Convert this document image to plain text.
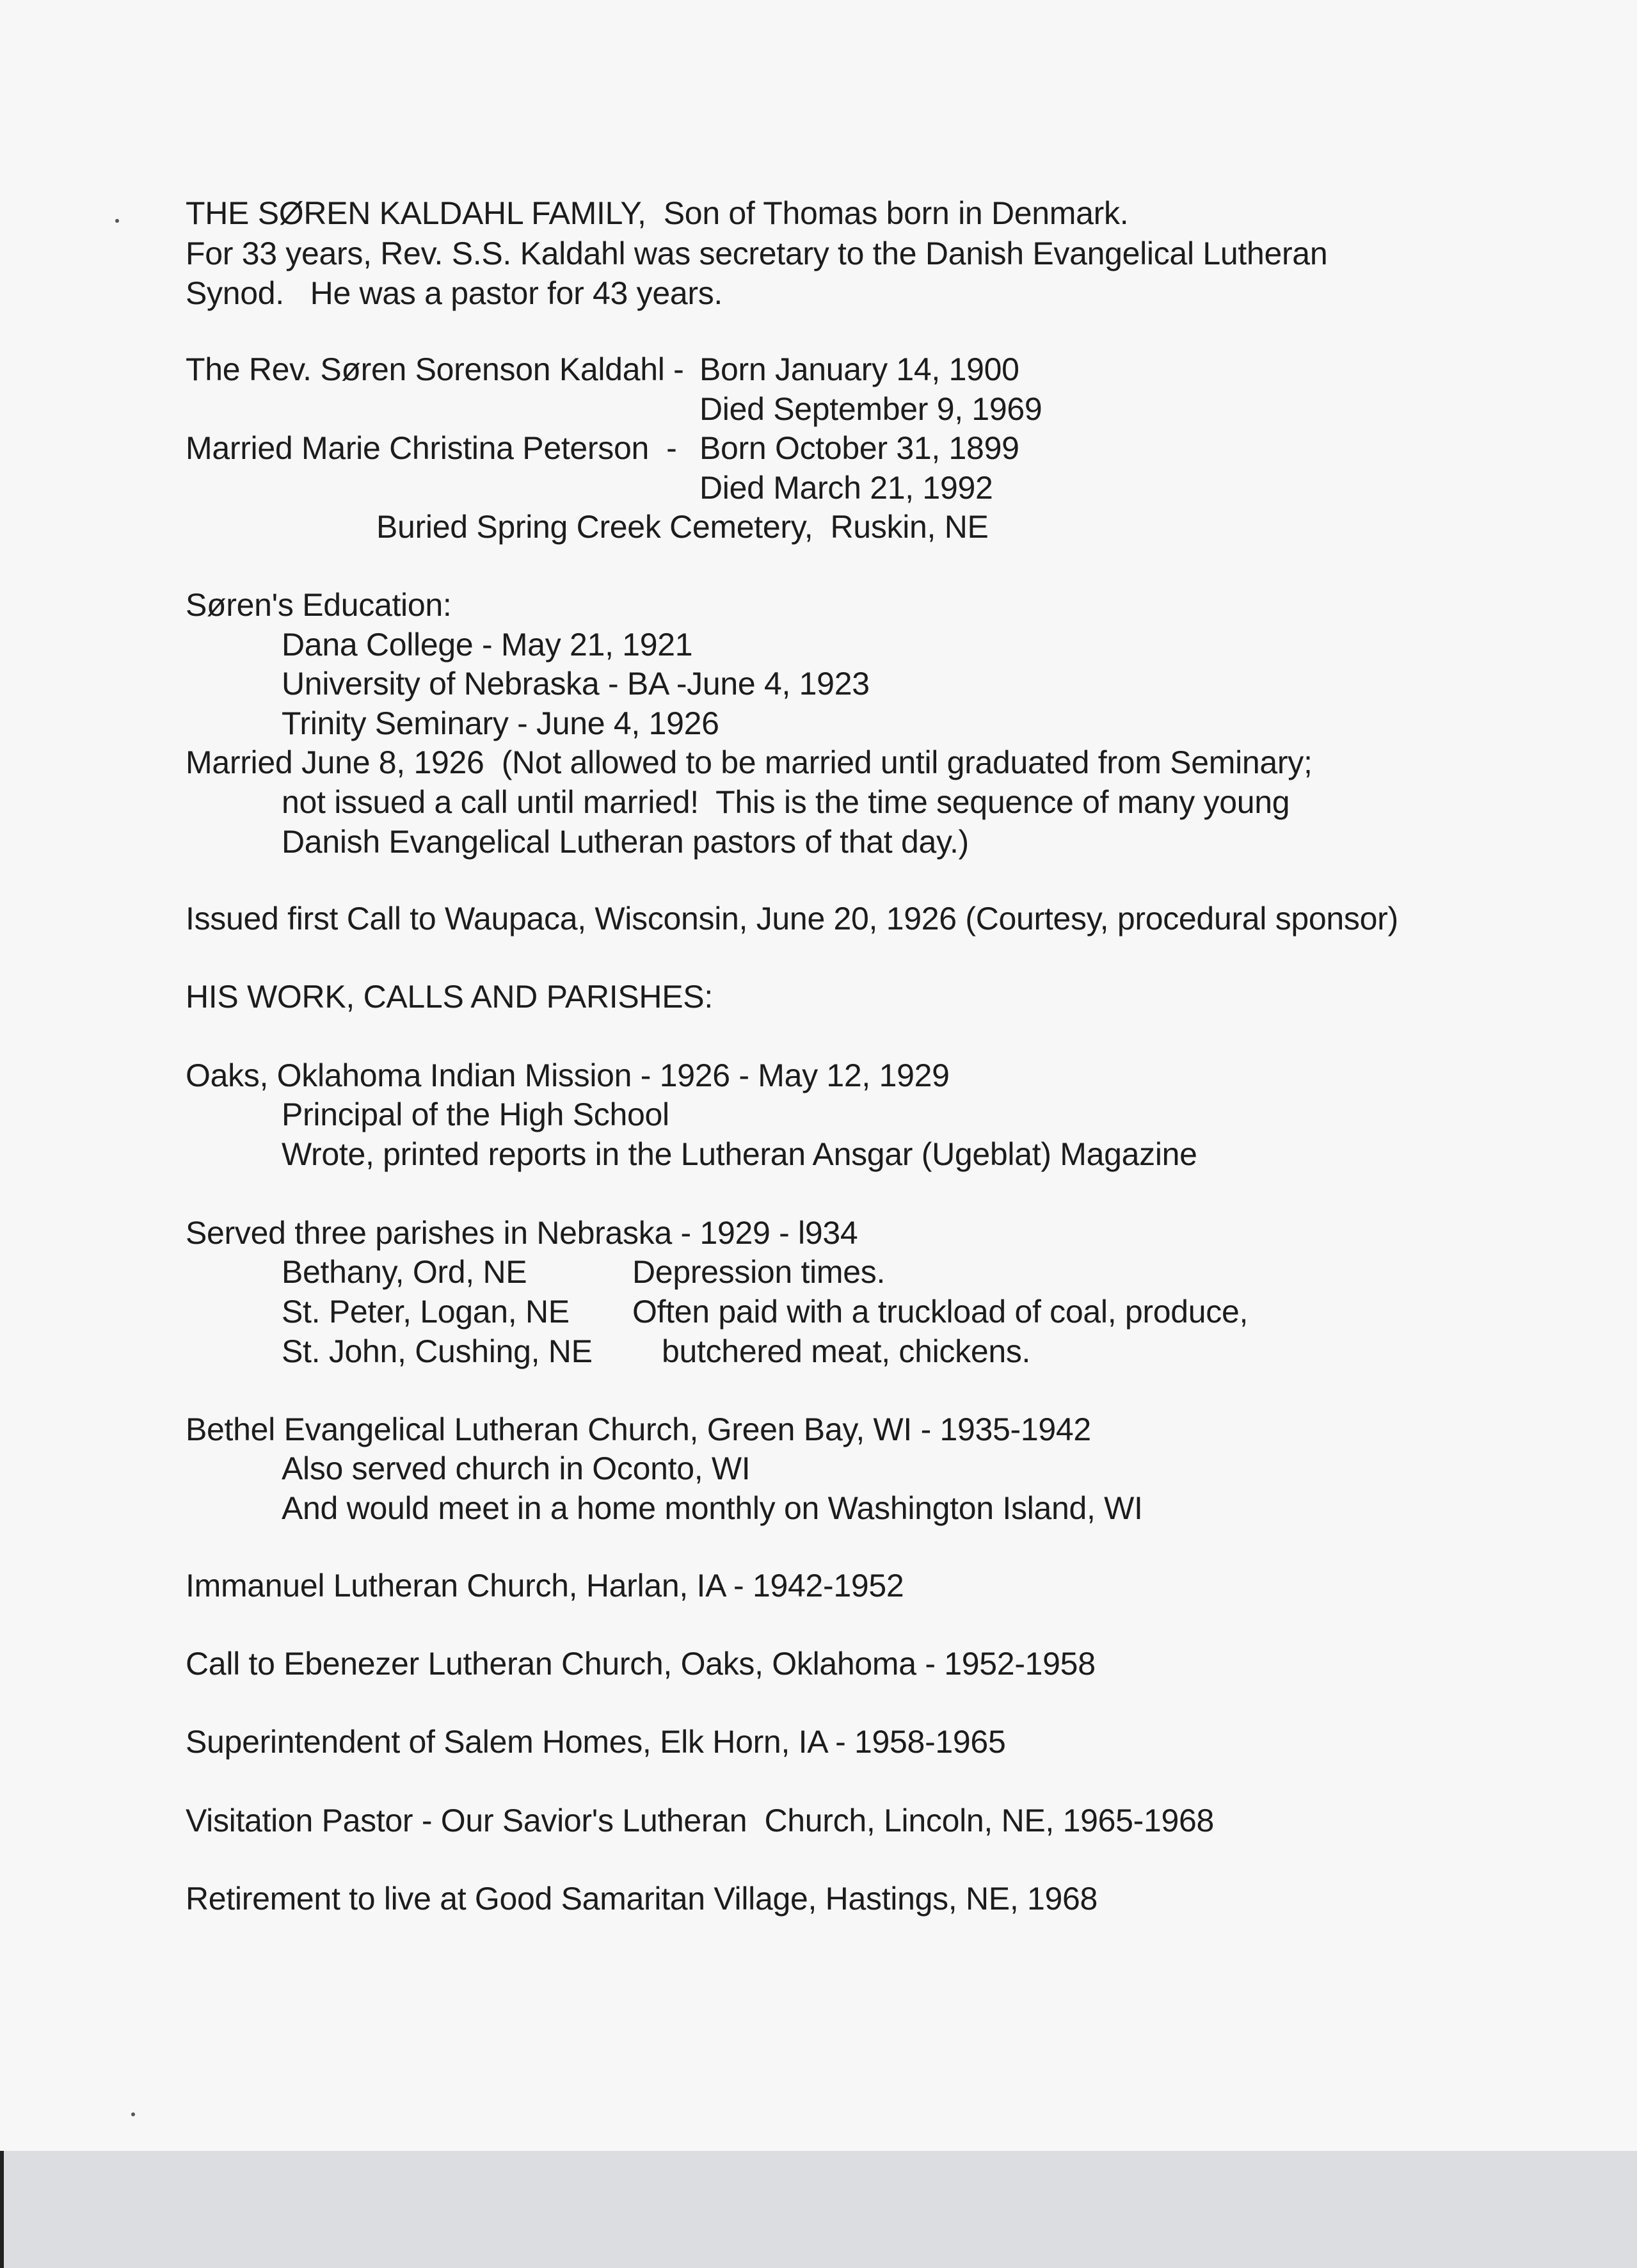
THE SØREN KALDAHL FAMILY,  Son of Thomas born in Denmark.
For 33 years, Rev. S.S. Kaldahl was secretary to the Danish Evangelical Lutheran
Synod.   He was a pastor for 43 years.
The Rev. Søren Sorenson Kaldahl - Born January 14, 1900
Died September 9, 1969
Married Marie Christina Peterson  - Born October 31, 1899
Died March 21, 1992
Buried Spring Creek Cemetery,  Ruskin, NE
Søren's Education:
Dana College - May 21, 1921
University of Nebraska - BA -June 4, 1923
Trinity Seminary - June 4, 1926
Married June 8, 1926  (Not allowed to be married until graduated from Seminary;
not issued a call until married!  This is the time sequence of many young
Danish Evangelical Lutheran pastors of that day.)
Issued first Call to Waupaca, Wisconsin, June 20, 1926 (Courtesy, procedural sponsor)
HIS WORK, CALLS AND PARISHES:
Oaks, Oklahoma Indian Mission - 1926 - May 12, 1929
Principal of the High School
Wrote, printed reports in the Lutheran Ansgar (Ugeblat) Magazine
Served three parishes in Nebraska - 1929 - l934
Bethany, Ord, NE	Depression times.
St. Peter, Logan, NE Often paid with a truckload of coal, produce,
St. John, Cushing, NE butchered meat, chickens.
Bethel Evangelical Lutheran Church, Green Bay, WI - 1935-1942
Also served church in Oconto, WI
And would meet in a home monthly on Washington Island, WI
Immanuel Lutheran Church, Harlan, IA - 1942-1952
Call to Ebenezer Lutheran Church, Oaks, Oklahoma - 1952-1958
Superintendent of Salem Homes, Elk Horn, IA - 1958-1965
Visitation Pastor - Our Savior's Lutheran  Church, Lincoln, NE, 1965-1968
Retirement to live at Good Samaritan Village, Hastings, NE, 1968
